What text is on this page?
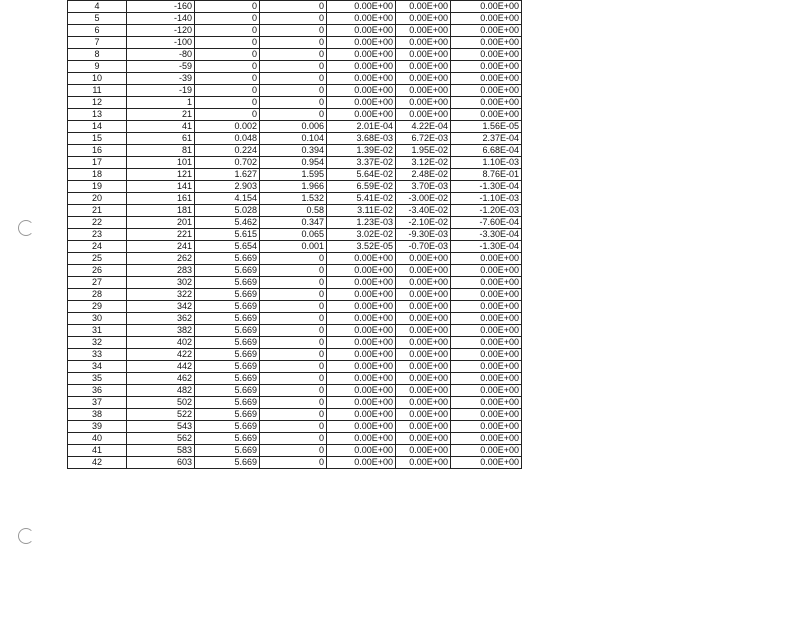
4	-160	0	0	0.00E+00	0.00E+00	0.00E+00
5	-140	0	0	0.00E+00	0.00E+00	0.00E+00
6	-120	0	0	0.00E+00	0.00E+00	0.00E+00
7	-100	0	0	0.00E+00	0.00E+00	0.00E+00
8	-80	0	0	0.00E+00	0.00E+00	0.00E+00
9	-59	0	0	0.00E+00	0.00E+00	0.00E+00
10	-39	0	0	0.00E+00	0.00E+00	0.00E+00
11	-19	0	0	0.00E+00	0.00E+00	0.00E+00
12	1	0	0	0.00E+00	0.00E+00	0.00E+00
13	21	0	0	0.00E+00	0.00E+00	0.00E+00
14	41	0.002	0.006	2.01E-04	4.22E-04	1.56E-05
15	61	0.048	0.104	3.68E-03	6.72E-03	2.37E-04
16	81	0.224	0.394	1.39E-02	1.95E-02	6.68E-04
17	101	0.702	0.954	3.37E-02	3.12E-02	1.10E-03
18	121	1.627	1.595	5.64E-02	2.48E-02	8.76E-01
19	141	2.903	1.966	6.59E-02	3.70E-03	-1.30E-04
20	161	4.154	1.532	5.41E-02	-3.00E-02	-1.10E-03
21	181	5.028	0.58	3.11E-02	-3.40E-02	-1.20E-03
22	201	5.462	0.347	1.23E-03	-2.10E-02	-7.60E-04
23	221	5.615	0.065	3.02E-02	-9.30E-03	-3.30E-04
24	241	5.654	0.001	3.52E-05	-0.70E-03	-1.30E-04
25	262	5.669	0	0.00E+00	0.00E+00	0.00E+00
26	283	5.669	0	0.00E+00	0.00E+00	0.00E+00
27	302	5.669	0	0.00E+00	0.00E+00	0.00E+00
28	322	5.669	0	0.00E+00	0.00E+00	0.00E+00
29	342	5.669	0	0.00E+00	0.00E+00	0.00E+00
30	362	5.669	0	0.00E+00	0.00E+00	0.00E+00
31	382	5.669	0	0.00E+00	0.00E+00	0.00E+00
32	402	5.669	0	0.00E+00	0.00E+00	0.00E+00
33	422	5.669	0	0.00E+00	0.00E+00	0.00E+00
34	442	5.669	0	0.00E+00	0.00E+00	0.00E+00
35	462	5.669	0	0.00E+00	0.00E+00	0.00E+00
36	482	5.669	0	0.00E+00	0.00E+00	0.00E+00
37	502	5.669	0	0.00E+00	0.00E+00	0.00E+00
38	522	5.669	0	0.00E+00	0.00E+00	0.00E+00
39	543	5.669	0	0.00E+00	0.00E+00	0.00E+00
40	562	5.669	0	0.00E+00	0.00E+00	0.00E+00
41	583	5.669	0	0.00E+00	0.00E+00	0.00E+00
42	603	5.669	0	0.00E+00	0.00E+00	0.00E+00
